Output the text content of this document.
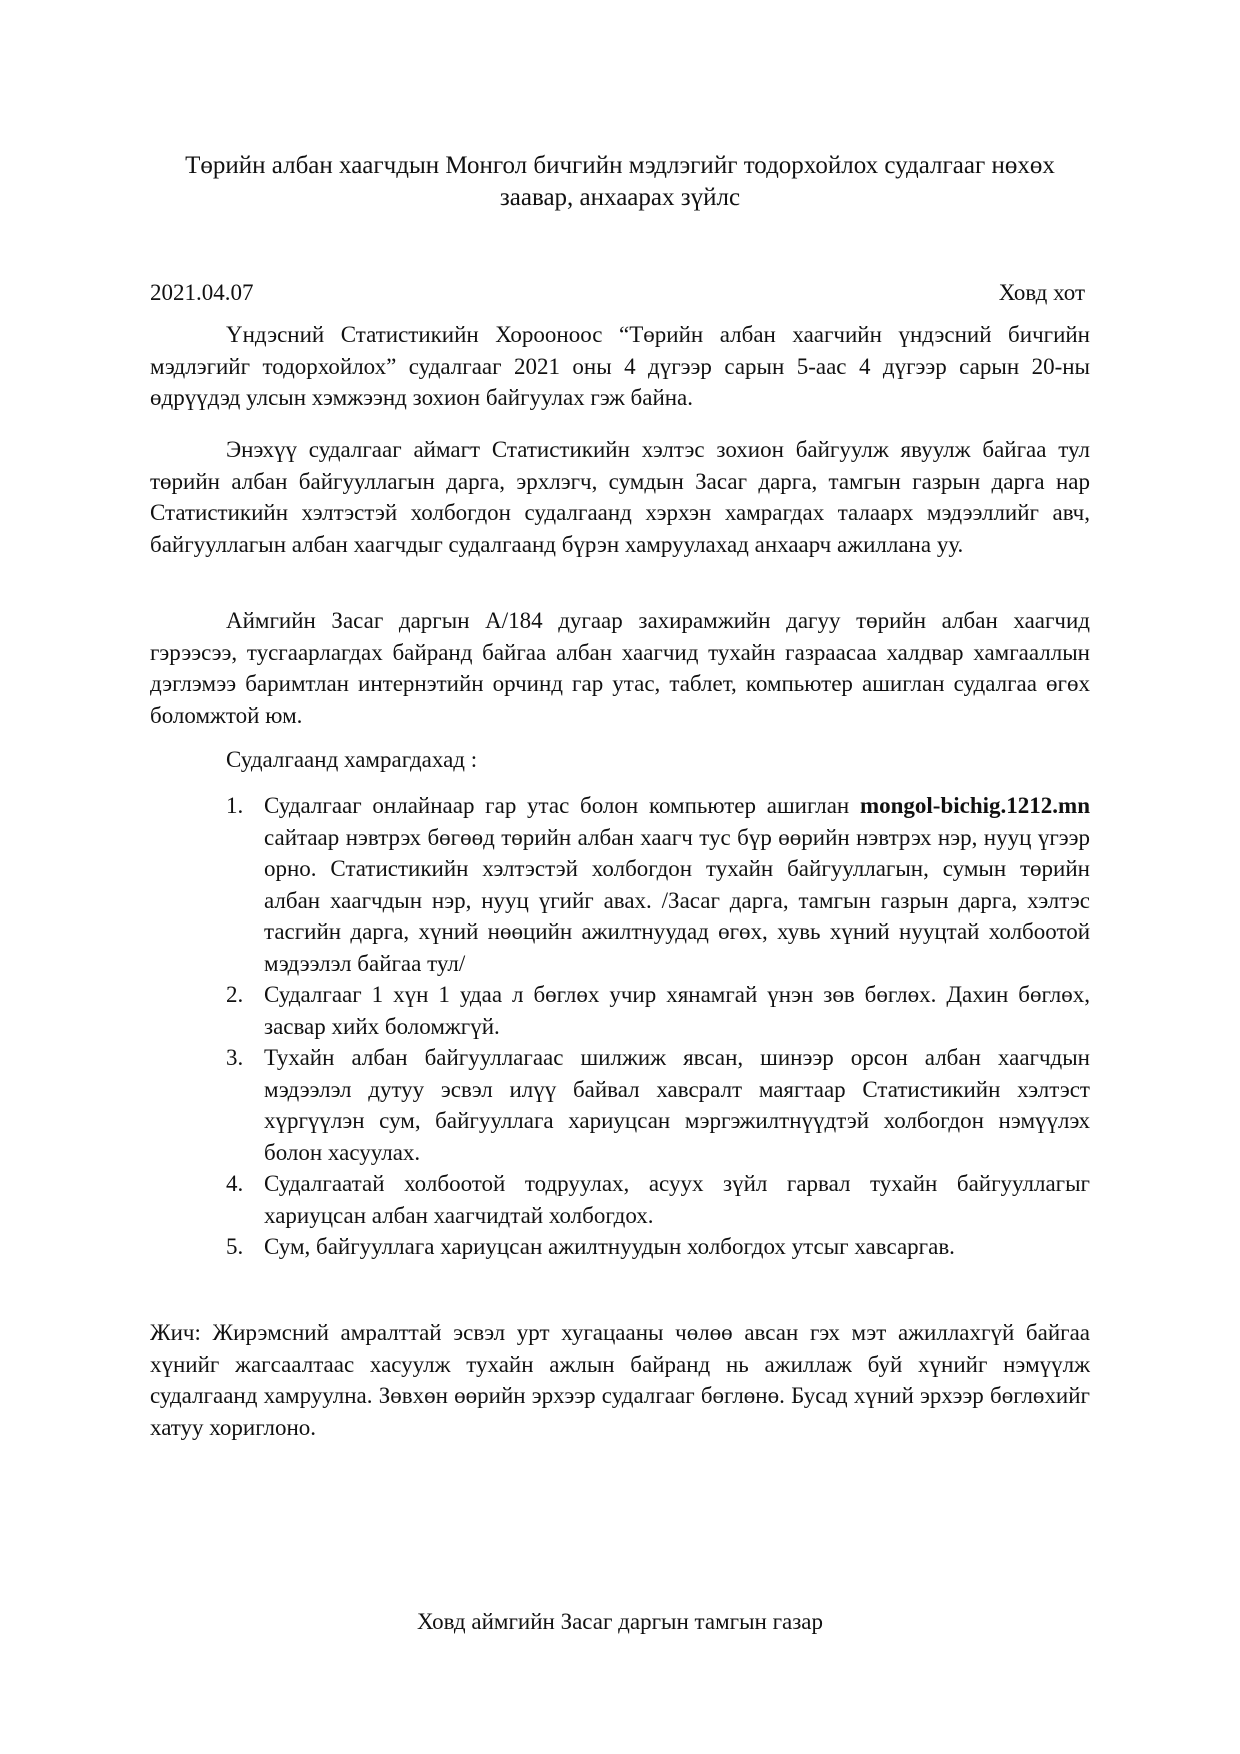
Төрийн албан хаагчдын Монгол бичгийн мэдлэгийг тодорхойлох судалгааг нөхөх
заавар, анхаарах зүйлс
2021.04.07	Ховд хот

Үндэсний Статистикийн Хорооноос “Төрийн албан хаагчийн үндэсний бичгийн мэдлэгийг тодорхойлох” судалгааг 2021 оны 4 дүгээр сарын 5-аас 4 дүгээр сарын 20-ны өдрүүдэд улсын хэмжээнд зохион байгуулах гэж байна.

Энэхүү судалгааг аймагт Статистикийн хэлтэс зохион байгуулж явуулж байгаа тул төрийн албан байгууллагын дарга, эрхлэгч, сумдын Засаг дарга, тамгын газрын дарга нар Статистикийн хэлтэстэй холбогдон судалгаанд хэрхэн хамрагдах талаарх мэдээллийг авч, байгууллагын албан хаагчдыг судалгаанд бүрэн хамруулахад анхаарч ажиллана уу.

Аймгийн Засаг даргын А/184 дугаар захирамжийн дагуу төрийн албан хаагчид гэрээсээ, тусгаарлагдах байранд байгаа албан хаагчид тухайн газраасаа халдвар хамгааллын дэглэмээ баримтлан интернэтийн орчинд гар утас, таблет, компьютер ашиглан судалгаа өгөх боломжтой юм.

Судалгаанд хамрагдахад :
1. Судалгааг онлайнаар гар утас болон компьютер ашиглан mongol-bichig.1212.mn сайтаар нэвтрэх бөгөөд төрийн албан хаагч тус бүр өөрийн нэвтрэх нэр, нууц үгээр орно. Статистикийн хэлтэстэй холбогдон тухайн байгууллагын, сумын төрийн албан хаагчдын нэр, нууц үгийг авах. /Засаг дарга, тамгын газрын дарга, хэлтэс тасгийн дарга, хүний нөөцийн ажилтнуудад өгөх, хувь хүний нууцтай холбоотой мэдээлэл байгаа тул/
2. Судалгааг 1 хүн 1 удаа л бөглөх учир хянамгай үнэн зөв бөглөх. Дахин бөглөх, засвар хийх боломжгүй.
3. Тухайн албан байгууллагаас шилжиж явсан, шинээр орсон албан хаагчдын мэдээлэл дутуу эсвэл илүү байвал хавсралт маягтаар Статистикийн хэлтэст хүргүүлэн сум, байгууллага хариуцсан мэргэжилтнүүдтэй холбогдон нэмүүлэх болон хасуулах.
4. Судалгаатай холбоотой тодруулах, асуух зүйл гарвал тухайн байгууллагыг хариуцсан албан хаагчидтай холбогдох.
5. Сум, байгууллага хариуцсан ажилтнуудын холбогдох утсыг хавсаргав.

Жич: Жирэмсний амралттай эсвэл урт хугацааны чөлөө авсан гэх мэт ажиллахгүй байгаа хүнийг жагсаалтаас хасуулж тухайн ажлын байранд нь ажиллаж буй хүнийг нэмүүлж судалгаанд хамруулна. Зөвхөн өөрийн эрхээр судалгааг бөглөнө. Бусад хүний эрхээр бөглөхийг хатуу хориглоно.

Ховд аймгийн Засаг даргын тамгын газар
